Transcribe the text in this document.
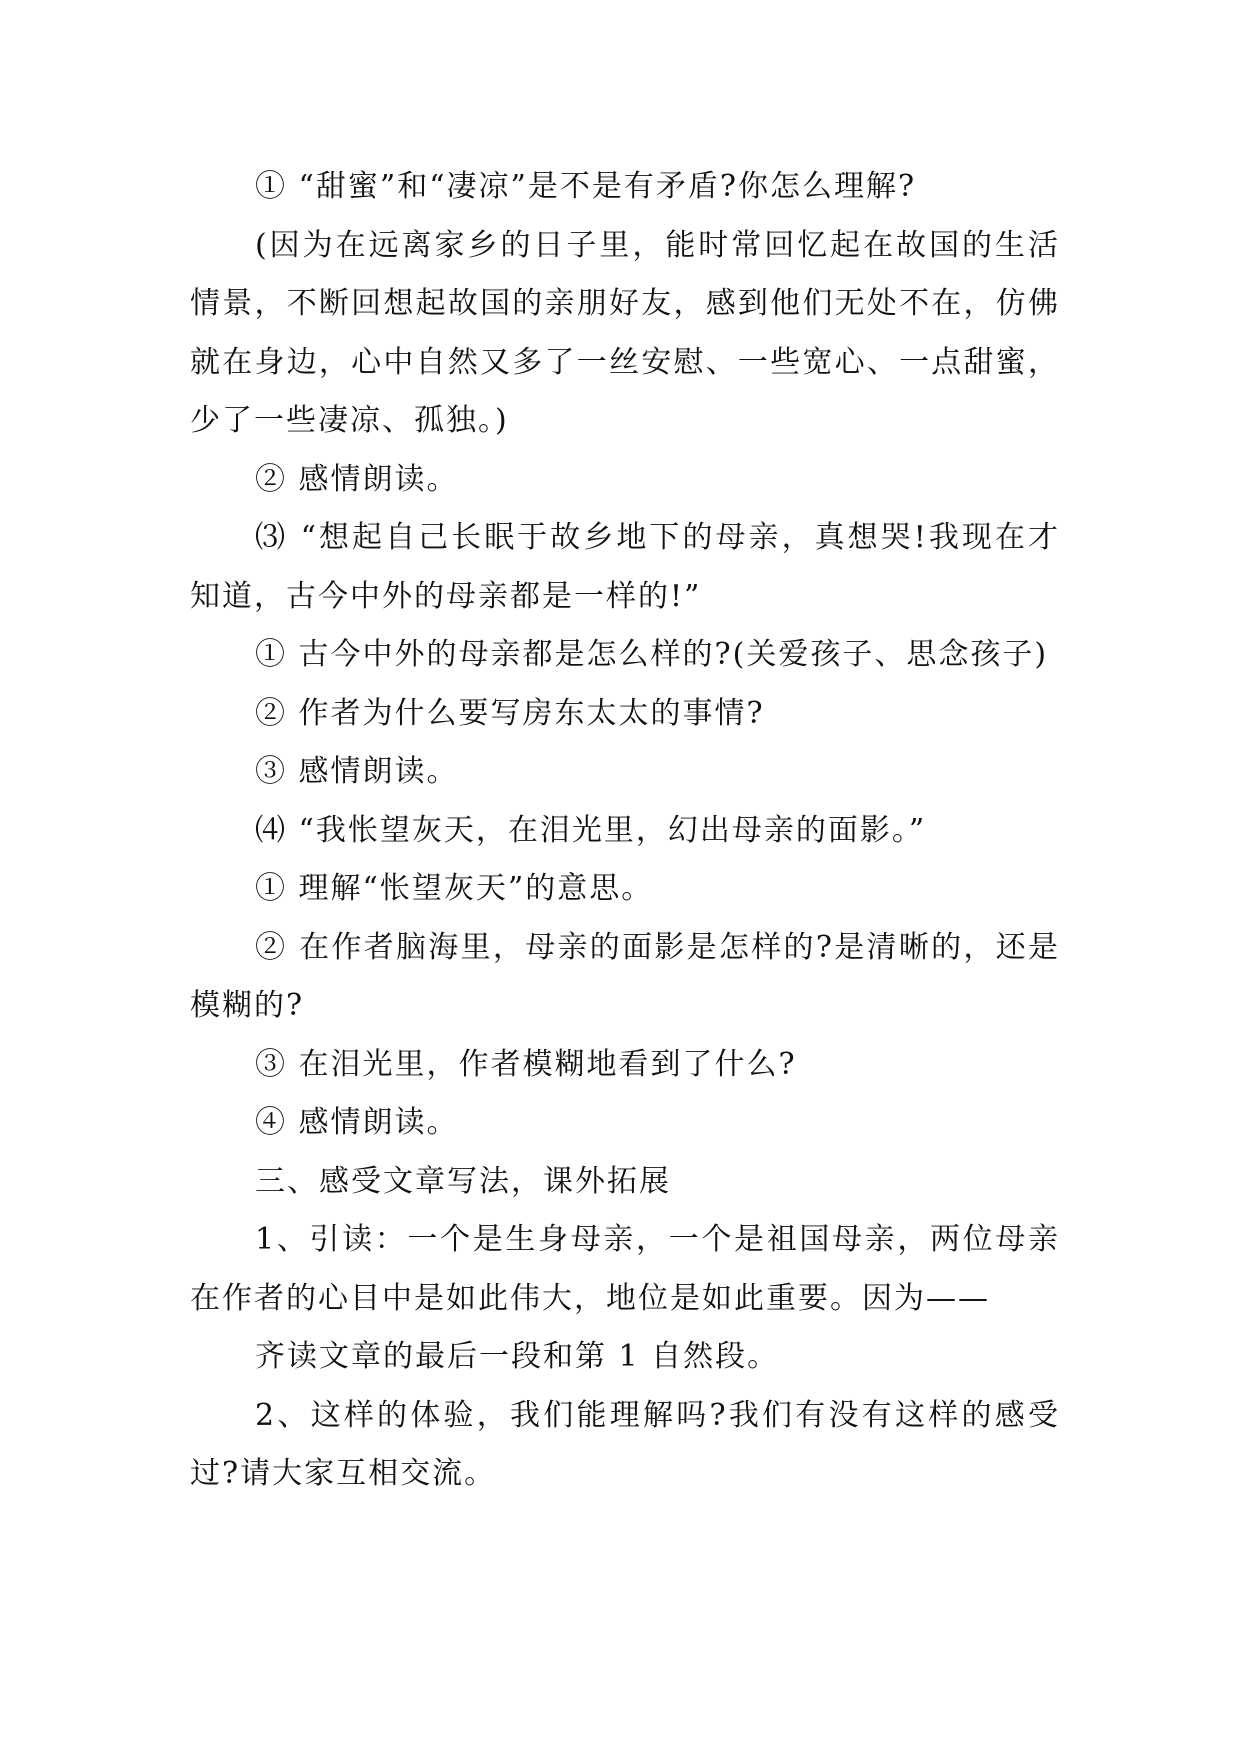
① “甜蜜”和“凄凉”是不是有矛盾?你怎么理解?

(因为在远离家乡的日子里，能时常回忆起在故国的生活情景，不断回想起故国的亲朋好友，感到他们无处不在，仿佛就在身边，心中自然又多了一丝安慰、一些宽心、一点甜蜜，少了一些凄凉、孤独。)

② 感情朗读。

⑶ “想起自己长眠于故乡地下的母亲，真想哭!我现在才知道，古今中外的母亲都是一样的!”

① 古今中外的母亲都是怎么样的?(关爱孩子、思念孩子)

② 作者为什么要写房东太太的事情?

③ 感情朗读。

⑷ “我怅望灰天，在泪光里，幻出母亲的面影。”

① 理解“怅望灰天”的意思。

② 在作者脑海里，母亲的面影是怎样的?是清晰的，还是模糊的?

③ 在泪光里，作者模糊地看到了什么?

④ 感情朗读。

三、感受文章写法，课外拓展

1、引读：一个是生身母亲，一个是祖国母亲，两位母亲在作者的心目中是如此伟大，地位是如此重要。因为——

齐读文章的最后一段和第 1 自然段。

2、这样的体验，我们能理解吗?我们有没有这样的感受过?请大家互相交流。
